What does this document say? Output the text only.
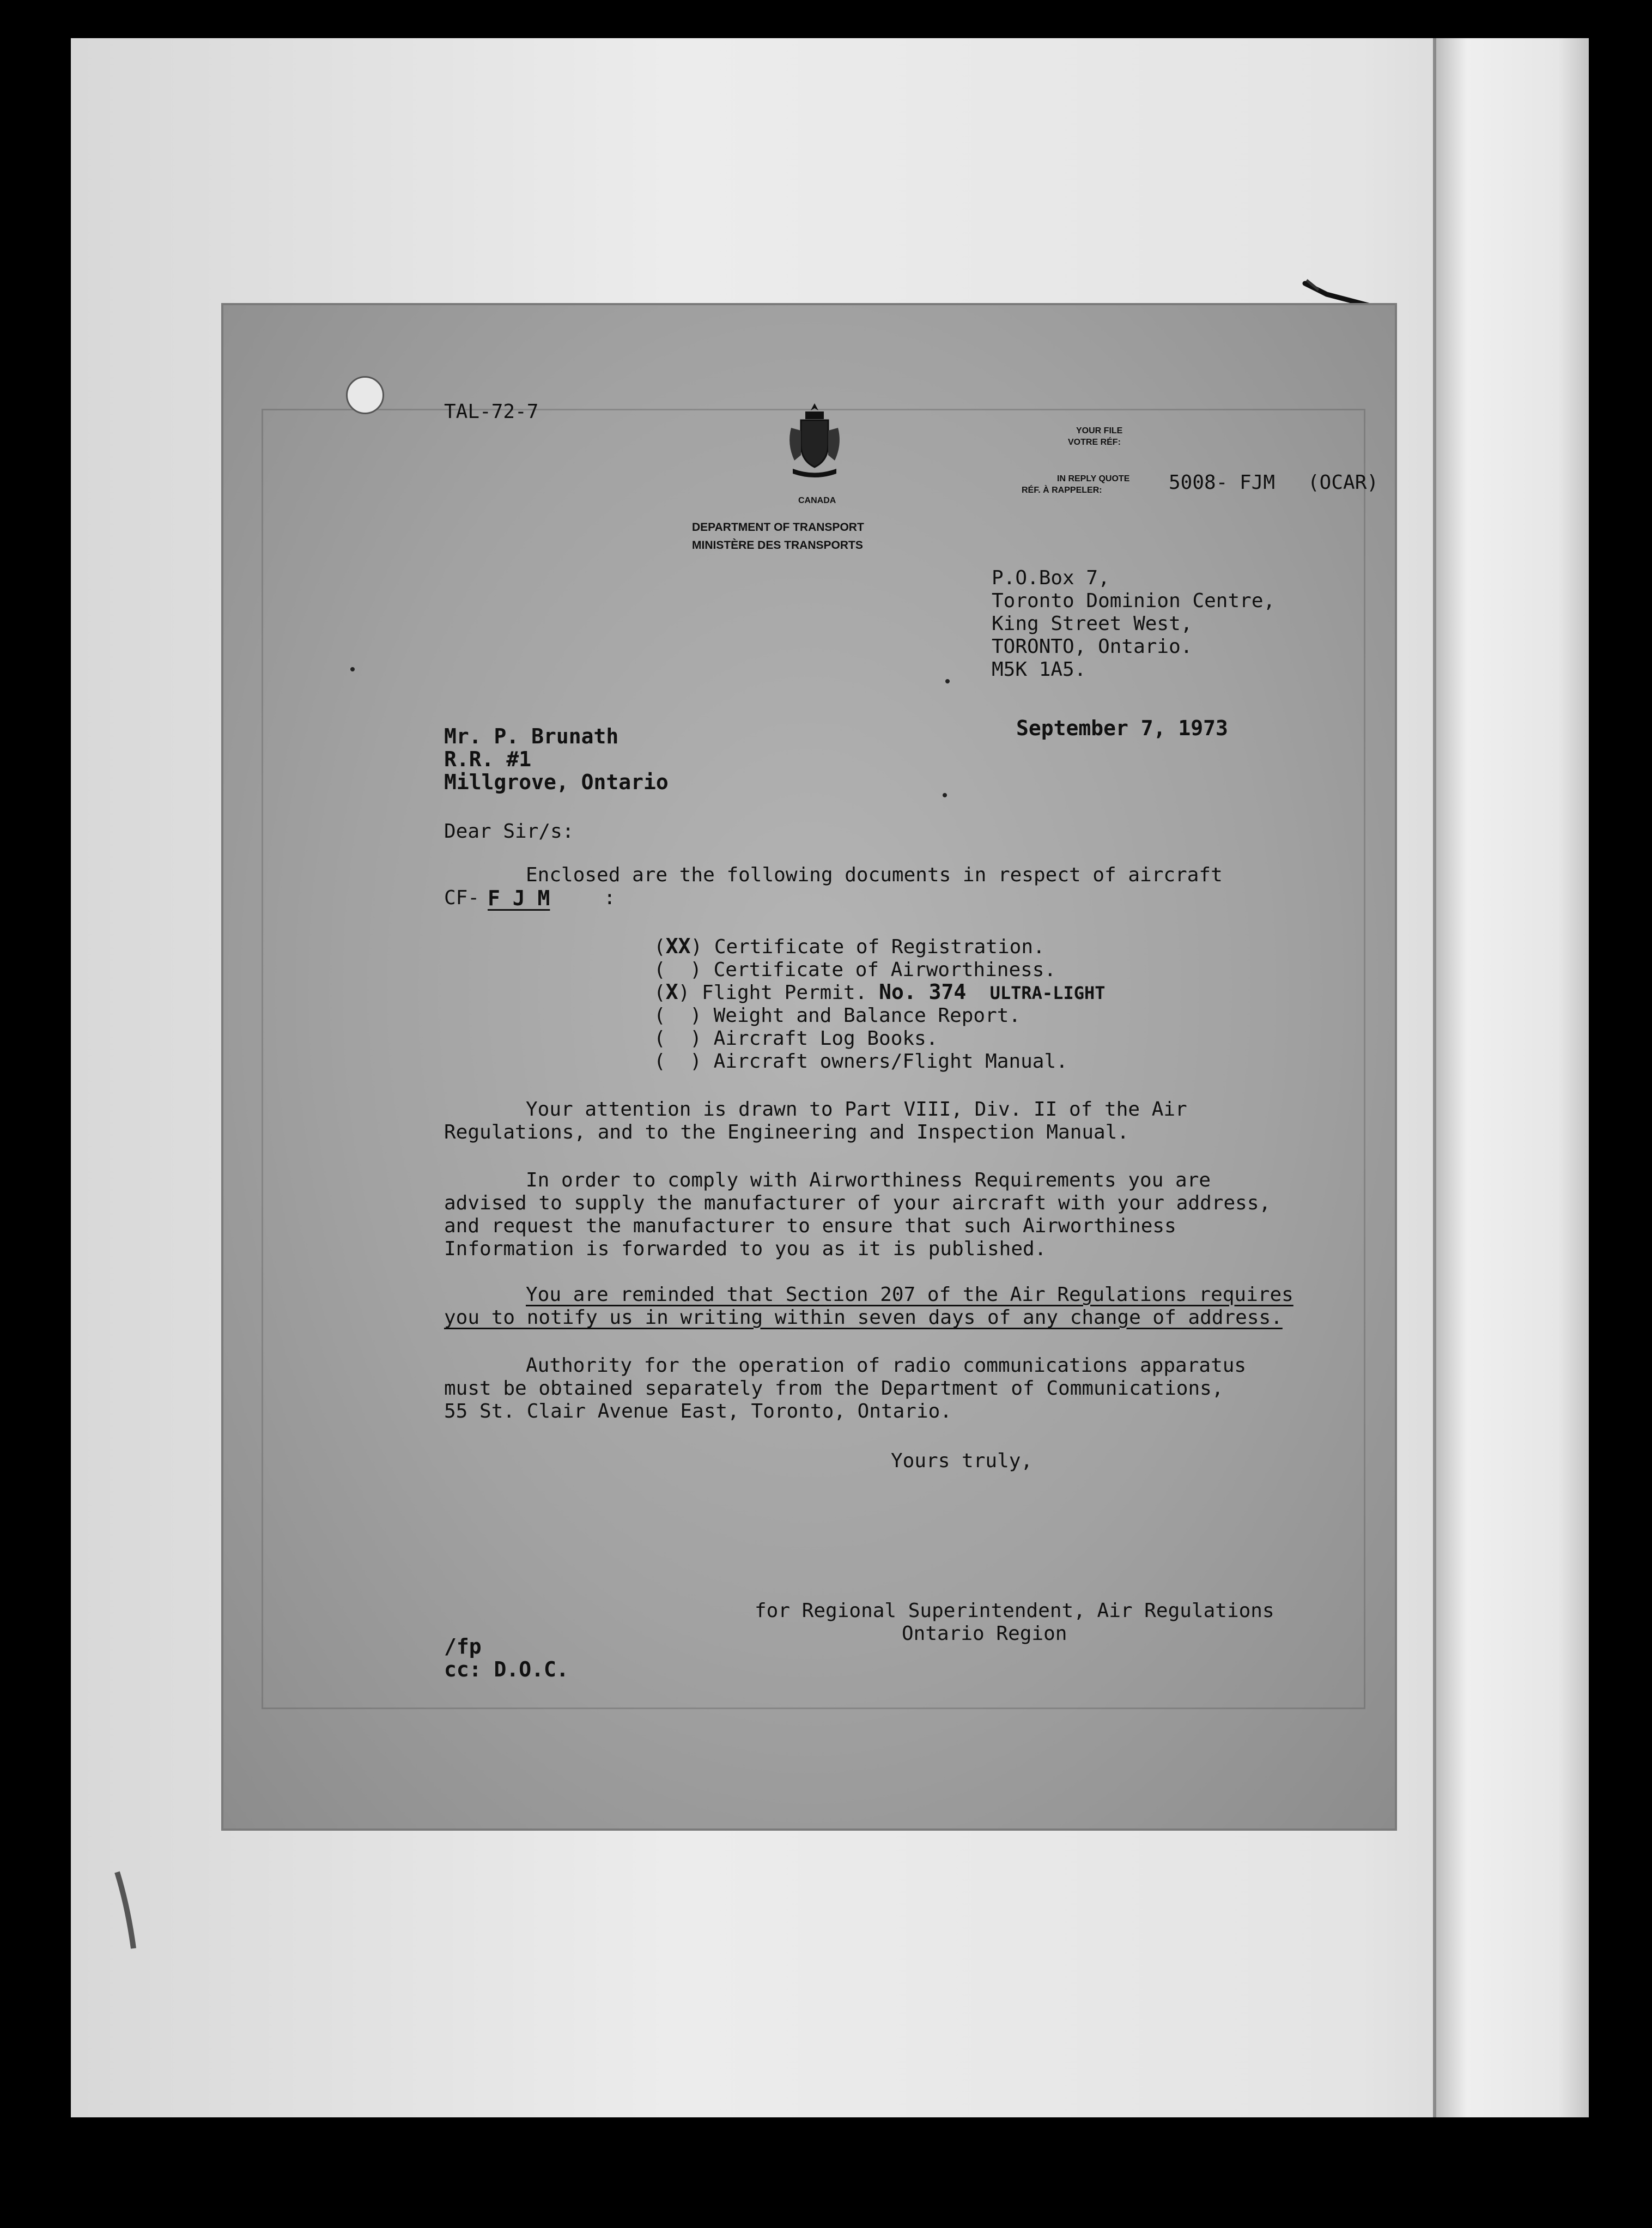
TAL-72-7
CANADA
DEPARTMENT OF TRANSPORT
MINISTÈRE DES TRANSPORTS
YOUR FILE
VOTRE RÉF:
IN REPLY QUOTE
RÉF. À RAPPELER:	5008- FJM (OCAR)
P.O.Box 7,
Toronto Dominion Centre,
King Street West,
TORONTO, Ontario.
M5K 1A5.
September 7, 1973
Mr. P. Brunath
R.R. #1
Millgrove, Ontario
Dear Sir/s:
Enclosed are the following documents in respect of aircraft
CF- F J M	:
(XX) Certificate of Registration.
(  ) Certificate of Airworthiness.
(X) Flight Permit. No. 374 ULTRA-LIGHT
(  ) Weight and Balance Report.
(  ) Aircraft Log Books.
(  ) Aircraft owners/Flight Manual.
Your attention is drawn to Part VIII, Div. II of the Air
Regulations, and to the Engineering and Inspection Manual.
In order to comply with Airworthiness Requirements you are
advised to supply the manufacturer of your aircraft with your address,
and request the manufacturer to ensure that such Airworthiness
Information is forwarded to you as it is published.
You are reminded that Section 207 of the Air Regulations requires
you to notify us in writing within seven days of any change of address.
Authority for the operation of radio communications apparatus
must be obtained separately from the Department of Communications,
55 St. Clair Avenue East, Toronto, Ontario.
Yours truly,
for Regional Superintendent, Air Regulations
Ontario Region
/fp
cc: D.O.C.
